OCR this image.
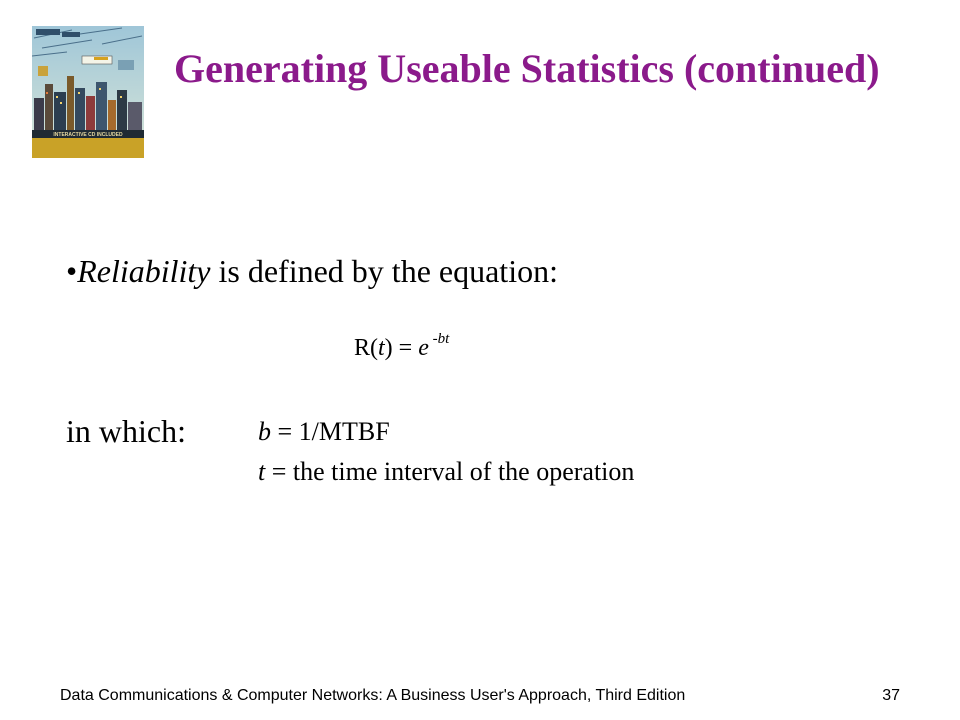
INTERACTIVE CD INCLUDED
Generating Useable Statistics (continued)
•Reliability is defined by the equation:
R(t) = e $^{-bt}$
in which:	b = 1/MTBF
t = the time interval of the operation
Data Communications & Computer Networks: A Business User's Approach, Third Edition	37
